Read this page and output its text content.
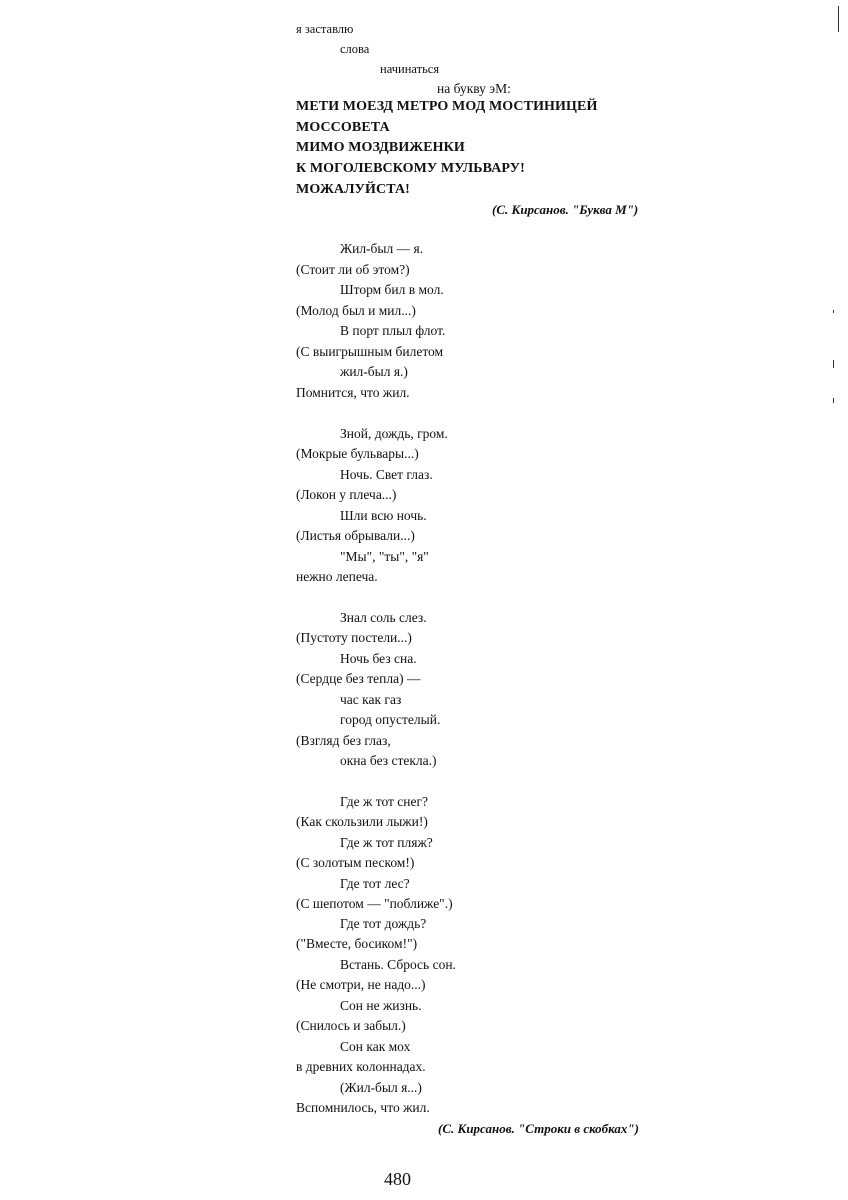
я заставлю

слова

начинаться

на букву эМ:

МЕТИ МОЕЗД МЕТРО МОД МОСТИНИЦЕЙ

МОССОВЕТА

МИМО МОЗДВИЖЕНКИ

К МОГОЛЕВСКОМУ МУЛЬВАРУ!

МОЖАЛУЙСТА!

(С. Кирсанов. "Буква М")

Жил-был — я.

(Стоит ли об этом?)

Шторм бил в мол.

(Молод был и мил...)

В порт плыл флот.

(С выигрышным билетом

жил-был я.)

Помнится, что жил.

Зной, дождь, гром.

(Мокрые бульвары...)

Ночь. Свет глаз.

(Локон у плеча...)

Шли всю ночь.

(Листья обрывали...)

"Мы", "ты", "я"

нежно лепеча.

Знал соль слез.

(Пустоту постели...)

Ночь без сна.

(Сердце без тепла) —

час как газ

город опустелый.

(Взгляд без глаз,

окна без стекла.)

Где ж тот снег?

(Как скользили лыжи!)

Где ж тот пляж?

(С золотым песком!)

Где тот лес?

(С шепотом — "поближе".)

Где тот дождь?

("Вместе, босиком!")

Встань. Сбрось сон.

(Не смотри, не надо...)

Сон не жизнь.

(Снилось и забыл.)

Сон как мох

в древних колоннадах.

(Жил-был я...)

Вспомнилось, что жил.

(С. Кирсанов. "Строки в скобках")

480
